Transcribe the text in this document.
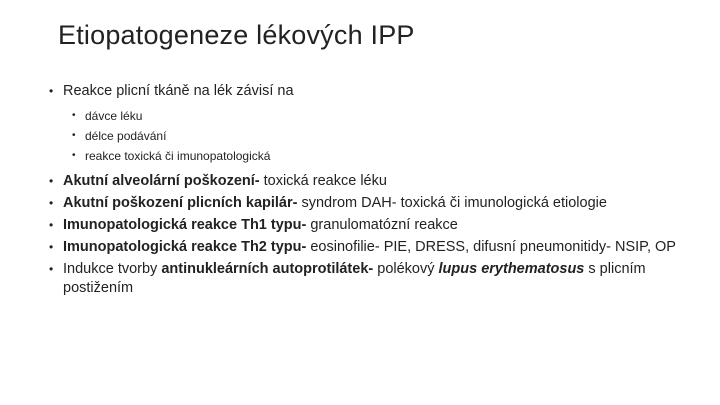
Etiopatogeneze lékových IPP
• Reakce plicní tkáně na lék závisí na
• dávce léku
• délce podávání
• reakce toxická či imunopatologická
• Akutní alveolární poškození- toxická reakce léku
• Akutní poškození plicních kapilár- syndrom DAH- toxická či imunologická etiologie
• Imunopatologická reakce Th1 typu- granulomatózní reakce
• Imunopatologická reakce Th2 typu- eosinofilie- PIE, DRESS, difusní pneumonitidy- NSIP, OP
• Indukce tvorby antinukleárních autoprotilátek- polékový lupus erythematosus s plicním postižením
